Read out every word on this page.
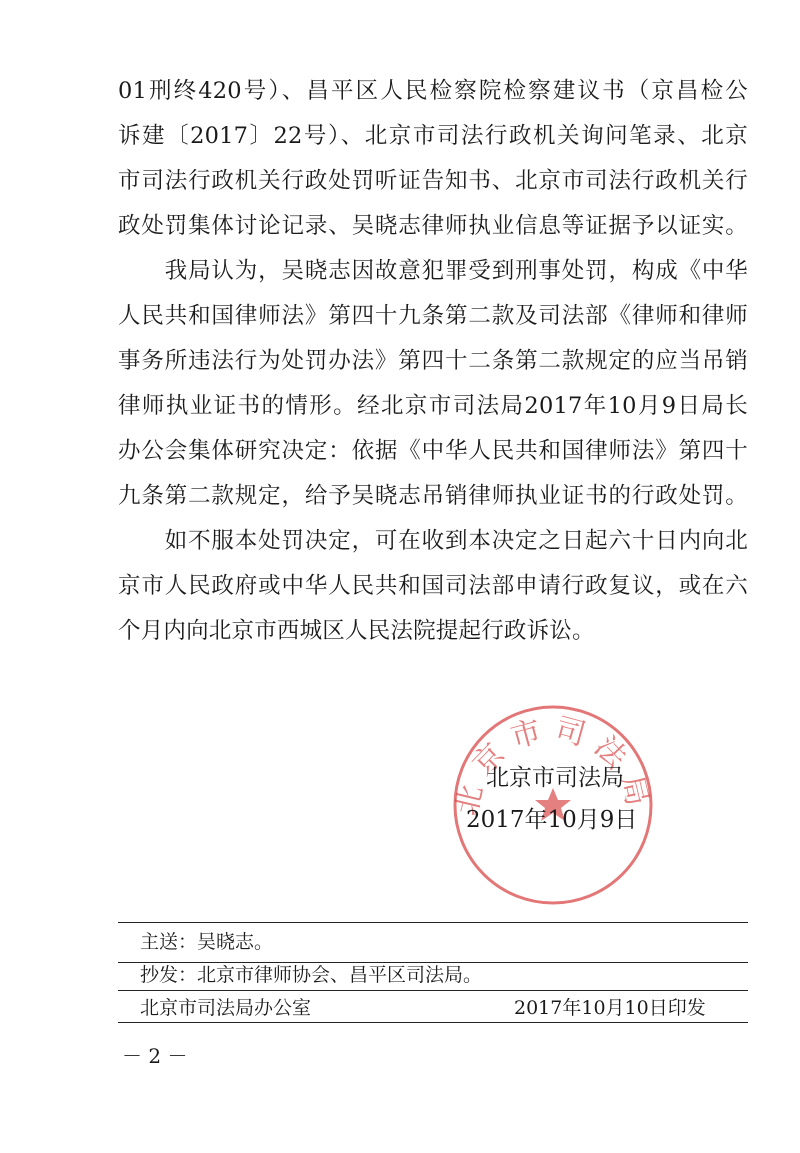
01刑终420号）、昌平区人民检察院检察建议书（京昌检公
诉建〔2017〕22号）、北京市司法行政机关询问笔录、北京
市司法行政机关行政处罚听证告知书、北京市司法行政机关行
政处罚集体讨论记录、吴晓志律师执业信息等证据予以证实。
　　我局认为，吴晓志因故意犯罪受到刑事处罚，构成《中华
人民共和国律师法》第四十九条第二款及司法部《律师和律师
事务所违法行为处罚办法》第四十二条第二款规定的应当吊销
律师执业证书的情形。经北京市司法局2017年10月9日局长
办公会集体研究决定：依据《中华人民共和国律师法》第四十
九条第二款规定，给予吴晓志吊销律师执业证书的行政处罚。
　　如不服本处罚决定，可在收到本决定之日起六十日内向北
京市人民政府或中华人民共和国司法部申请行政复议，或在六
个月内向北京市西城区人民法院提起行政诉讼。
北京市司法局
北京市司法局
2017年10月9日
主送：吴晓志。
抄发：北京市律师协会、昌平区司法局。
北京市司法局办公室	2017年10月10日印发
－ 2 －
